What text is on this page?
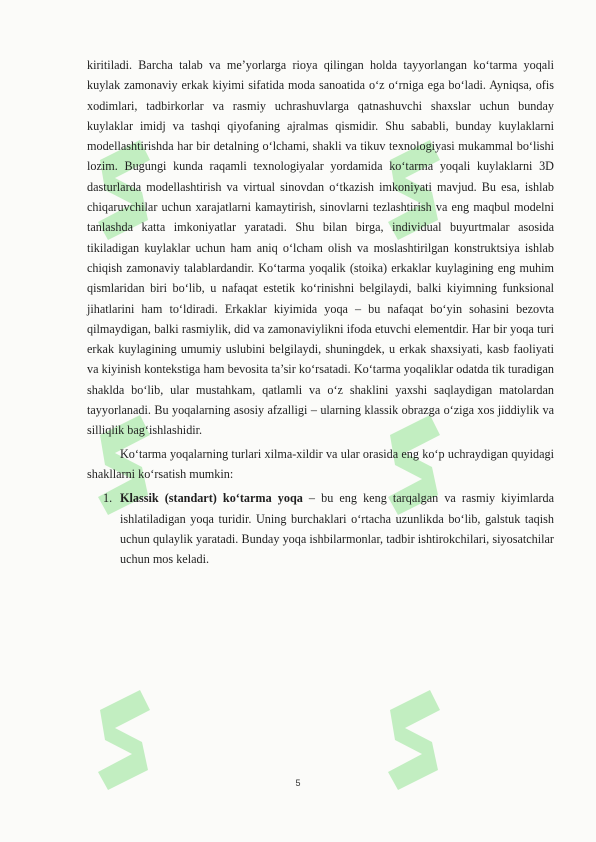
kiritiladi. Barcha talab va me’yorlarga rioya qilingan holda tayyorlangan ko‘tarma yoqali kuylak zamonaviy erkak kiyimi sifatida moda sanoatida o‘z o‘rniga ega bo‘ladi. Ayniqsa, ofis xodimlari, tadbirkorlar va rasmiy uchrashuvlarga qatnashuvchi shaxslar uchun bunday kuylaklar imidj va tashqi qiyofaning ajralmas qismidir. Shu sababli, bunday kuylaklarni modellashtirishda har bir detalning o‘lchami, shakli va tikuv texnologiyasi mukammal bo‘lishi lozim. Bugungi kunda raqamli texnologiyalar yordamida ko‘tarma yoqali kuylaklarni 3D dasturlarda modellashtirish va virtual sinovdan o‘tkazish imkoniyati mavjud. Bu esa, ishlab chiqaruvchilar uchun xarajatlarni kamaytirish, sinovlarni tezlashtirish va eng maqbul modelni tanlashda katta imkoniyatlar yaratadi. Shu bilan birga, individual buyurtmalar asosida tikiladigan kuylaklar uchun ham aniq o‘lcham olish va moslashtirilgan konstruktsiya ishlab chiqish zamonaviy talablardandir. Ko‘tarma yoqalik (stoika) erkaklar kuylagining eng muhim qismlaridan biri bo‘lib, u nafaqat estetik ko‘rinishni belgilaydi, balki kiyimning funksional jihatlarini ham to‘ldiradi. Erkaklar kiyimida yoqa – bu nafaqat bo‘yin sohasini bezovta qilmaydigan, balki rasmiylik, did va zamonaviylikni ifoda etuvchi elementdir. Har bir yoqa turi erkak kuylagining umumiy uslubini belgilaydi, shuningdek, u erkak shaxsiyati, kasb faoliyati va kiyinish kontekstiga ham bevosita ta’sir ko‘rsatadi. Ko‘tarma yoqaliklar odatda tik turadigan shaklda bo‘lib, ular mustahkam, qatlamli va o‘z shaklini yaxshi saqlaydigan matolardan tayyorlanadi. Bu yoqalarning asosiy afzalligi – ularning klassik obrazga o‘ziga xos jiddiylik va silliqlik bag‘ishlashidir.

Ko‘tarma yoqalarning turlari xilma-xildir va ular orasida eng ko‘p uchraydigan quyidagi shakllarni ko‘rsatish mumkin:

1. Klassik (standart) ko‘tarma yoqa – bu eng keng tarqalgan va rasmiy kiyimlarda ishlatiladigan yoqa turidir. Uning burchaklari o‘rtacha uzunlikda bo‘lib, galstuk taqish uchun qulaylik yaratadi. Bunday yoqa ishbilarmonlar, tadbir ishtirokchilari, siyosatchilar uchun mos keladi.
5
